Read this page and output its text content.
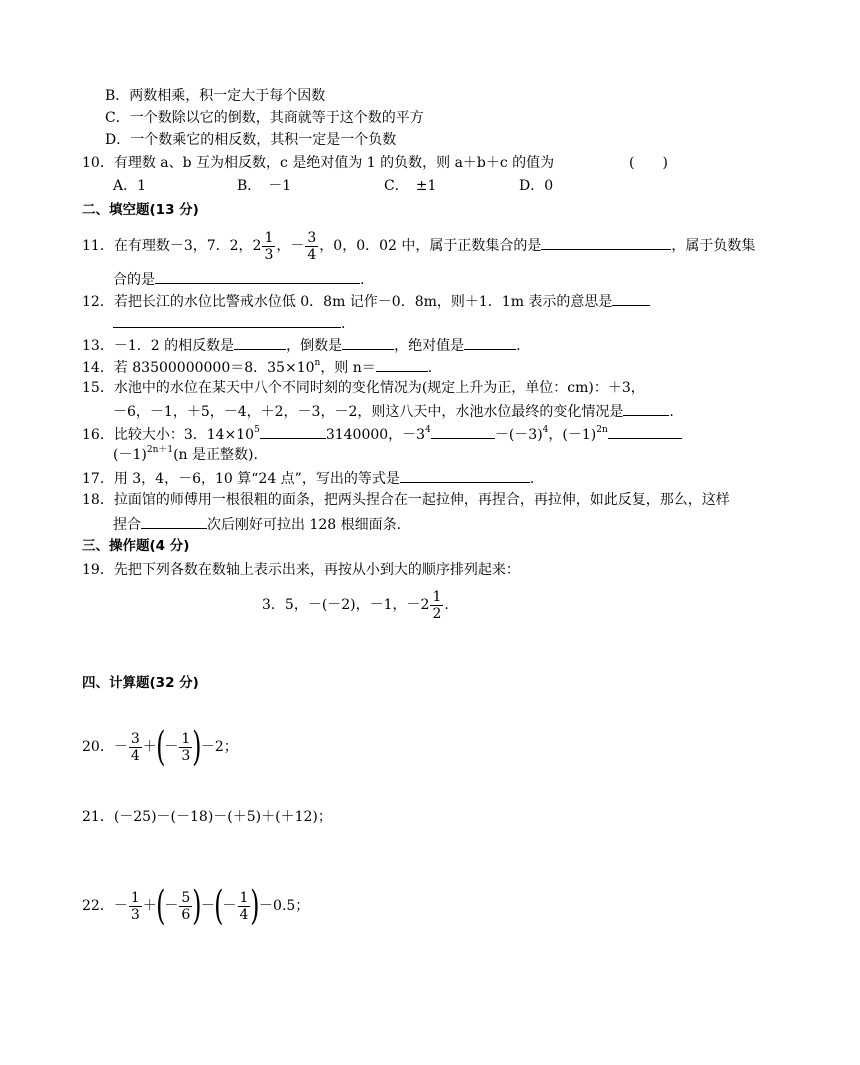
B．两数相乘，积一定大于每个因数
C．一个数除以它的倒数，其商就等于这个数的平方
D．一个数乘它的相反数，其积一定是一个负数
10．有理数 a、b 互为相反数，c 是绝对值为 1 的负数，则 a＋b＋c 的值为	(　　)
A．1	B．　－1	C．　±1	D．0
二、填空题(13 分)
11．在有理数－3，7．2，$2 \frac{1}{3}$ ，－ $\frac{3}{4}$ ，0，0．02 中，属于正数集合的是	，属于负数集
合的是	.
12．若把长江的水位比警戒水位低 0．8m 记作－0．8m，则＋1．1m 表示的意思是
.
13．－1．2 的相反数是	，倒数是	，绝对值是	.
14．若 83500000000＝8．$35\times 10^n$，则 n＝	.
15．水池中的水位在某天中八个不同时刻的变化情况为(规定上升为正，单位：cm)：＋3，
－6，－1，＋5，－4，＋2，－3，－2，则这八天中，水池水位最终的变化情况是	.
16．比较大小：3．$14\times 10^5$	3140000，$-3^4$	$-(-3)^4$，$(-1)^{2n}$
$(-1)^{2n+1}(n$ 是正整数).
17．用 3，4，－6，10 算“24 点”，写出的等式是	.
18．拉面馆的师傅用一根很粗的面条，把两头捏合在一起拉伸，再捏合，再拉伸，如此反复，那么，这样
捏合	次后刚好可拉出 128 根细面条.
三、操作题(4 分)
19．先把下列各数在数轴上表示出来，再按从小到大的顺序排列起来：
3．5，－(－2)，－1，$-2 \frac{1}{2}$ .
四、计算题(32 分)
20．－ $\frac{3}{4}$ ＋(－ $\frac{1}{3} )-2$；
21．(－25)－(－18)－(＋5)＋(＋12)；
22．－ $\frac{1}{3}$ ＋(－ $\frac{5}{6}$ )－(－ $\frac{1}{4} )-0.5$；
